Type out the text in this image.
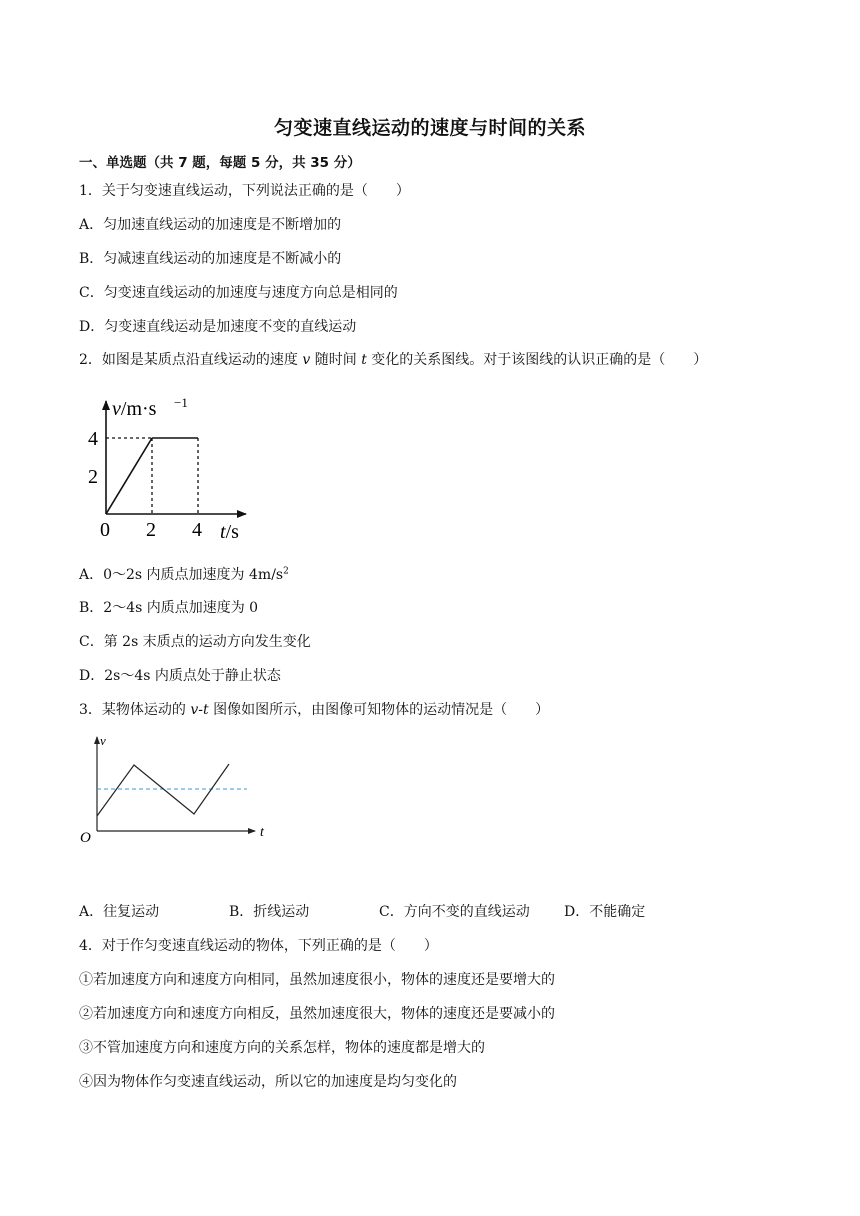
匀变速直线运动的速度与时间的关系
一、单选题（共 7 题，每题 5 分，共 35 分）
1．关于匀变速直线运动，下列说法正确的是（　　）
A．匀加速直线运动的加速度是不断增加的
B．匀减速直线运动的加速度是不断减小的
C．匀变速直线运动的加速度与速度方向总是相同的
D．匀变速直线运动是加速度不变的直线运动
2．如图是某质点沿直线运动的速度 v 随时间 t 变化的关系图线。对于该图线的认识正确的是（　　）
v/m·s −1
4
2
0 2 4 t/s
A．0～2s 内质点加速度为 $4m/s^2$
B．2～4s 内质点加速度为 0
C．第 2s 末质点的运动方向发生变化
D．2s～4s 内质点处于静止状态
3．某物体运动的 v-t 图像如图所示，由图像可知物体的运动情况是（　　）
v
t
O
A．往复运动	B．折线运动	C．方向不变的直线运动 D．不能确定
4．对于作匀变速直线运动的物体，下列正确的是（　　）
①若加速度方向和速度方向相同，虽然加速度很小，物体的速度还是要增大的
②若加速度方向和速度方向相反，虽然加速度很大，物体的速度还是要减小的
③不管加速度方向和速度方向的关系怎样，物体的速度都是增大的
④因为物体作匀变速直线运动，所以它的加速度是均匀变化的
